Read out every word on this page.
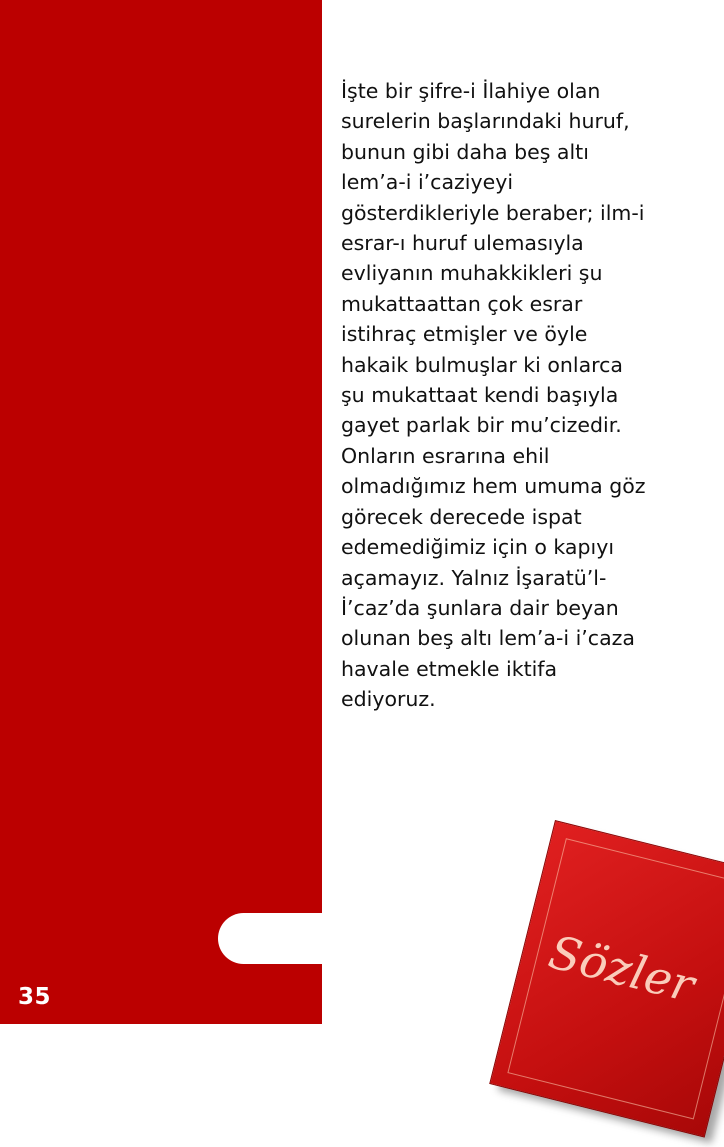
35
İşte bir şifre-i İlahiye olan
surelerin başlarındaki huruf,
bunun gibi daha beş altı
lem’a-i i’caziyeyi
gösterdikleriyle beraber; ilm-i
esrar-ı huruf ulemasıyla
evliyanın muhakkikleri şu
mukattaattan çok esrar
istihraç etmişler ve öyle
hakaik bulmuşlar ki onlarca
şu mukattaat kendi başıyla
gayet parlak bir mu’cizedir.
Onların esrarına ehil
olmadığımız hem umuma göz
görecek derecede ispat
edemediğimiz için o kapıyı
açamayız. Yalnız İşaratü’l-
İ’caz’da şunlara dair beyan
olunan beş altı lem’a-i i’caza
havale etmekle iktifa
ediyoruz.
Sözler
